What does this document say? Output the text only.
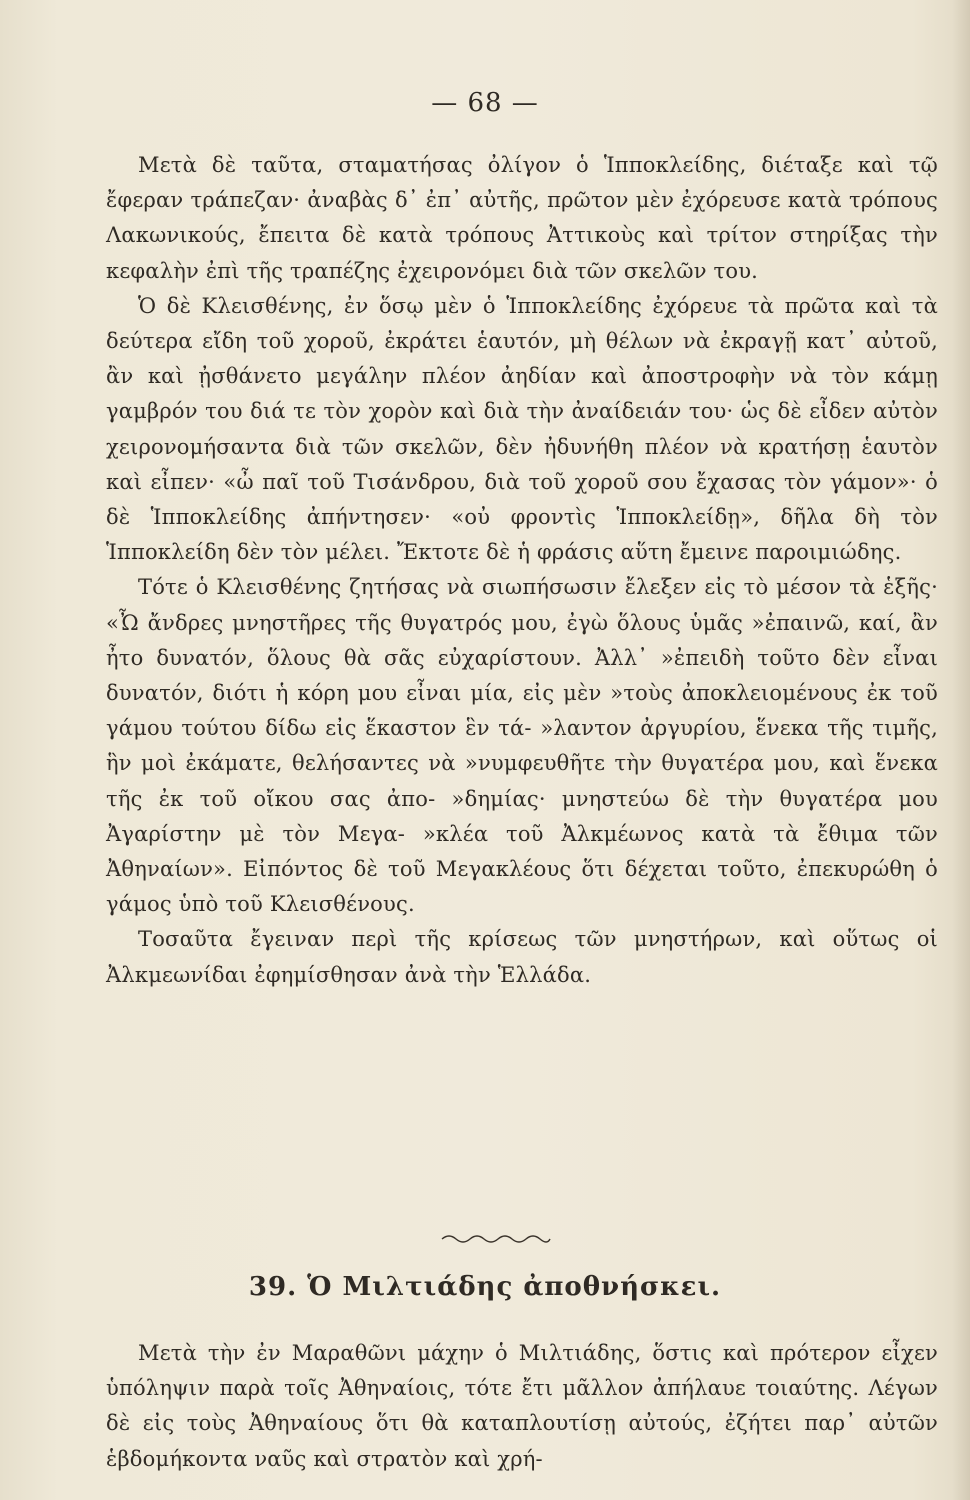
— 68 —

Μετὰ δὲ ταῦτα, σταματήσας ὀλίγον ὁ Ἱπποκλείδης, διέταξε καὶ τῷ ἔφεραν τράπεζαν· ἀναβὰς δ᾽ ἐπ᾽ αὐτῆς, πρῶτον μὲν ἐχόρευσε κατὰ τρόπους Λακωνικούς, ἔπειτα δὲ κατὰ τρόπους Ἀττικοὺς καὶ τρίτον στηρίξας τὴν κεφαλὴν ἐπὶ τῆς τραπέζης ἐχειρονόμει διὰ τῶν σκελῶν του.

Ὁ δὲ Κλεισθένης, ἐν ὅσῳ μὲν ὁ Ἱπποκλείδης ἐχόρευε τὰ πρῶτα καὶ τὰ δεύτερα εἴδη τοῦ χοροῦ, ἐκράτει ἑαυτόν, μὴ θέλων νὰ ἐκραγῇ κατ᾽ αὐτοῦ, ἂν καὶ ᾐσθάνετο μεγάλην πλέον ἀηδίαν καὶ ἀποστροφὴν νὰ τὸν κάμῃ γαμβρόν του διά τε τὸν χορὸν καὶ διὰ τὴν ἀναίδειάν του· ὡς δὲ εἶδεν αὐτὸν χειρονομήσαντα διὰ τῶν σκελῶν, δὲν ἠδυνήθη πλέον νὰ κρατήσῃ ἑαυτὸν καὶ εἶπεν· «ὦ παῖ τοῦ Τισάνδρου, διὰ τοῦ χοροῦ σου ἔχασας τὸν γάμον»· ὁ δὲ Ἱπποκλείδης ἀπήντησεν· «οὐ φροντὶς Ἱπποκλείδῃ», δῆλα δὴ τὸν Ἱπποκλείδη δὲν τὸν μέλει. Ἔκτοτε δὲ ἡ φράσις αὕτη ἔμεινε παροιμιώδης.

Τότε ὁ Κλεισθένης ζητήσας νὰ σιωπήσωσιν ἔλεξεν εἰς τὸ μέσον τὰ ἑξῆς· «Ὦ ἄνδρες μνηστῆρες τῆς θυγατρός μου, ἐγὼ ὅλους ὑμᾶς »ἐπαινῶ, καί, ἂν ἦτο δυνατόν, ὅλους θὰ σᾶς εὐχαρίστουν. Ἀλλ᾽ »ἐπειδὴ τοῦτο δὲν εἶναι δυνατόν, διότι ἡ κόρη μου εἶναι μία, εἰς μὲν »τοὺς ἀποκλειομένους ἐκ τοῦ γάμου τούτου δίδω εἰς ἕκαστον ἓν τά- »λαντον ἀργυρίου, ἕνεκα τῆς τιμῆς, ἣν μοὶ ἐκάματε, θελήσαντες νὰ »νυμφευθῆτε τὴν θυγατέρα μου, καὶ ἕνεκα τῆς ἐκ τοῦ οἴκου σας ἀπο- »δημίας· μνηστεύω δὲ τὴν θυγατέρα μου Ἀγαρίστην μὲ τὸν Μεγα- »κλέα τοῦ Ἀλκμέωνος κατὰ τὰ ἔθιμα τῶν Ἀθηναίων». Εἰπόντος δὲ τοῦ Μεγακλέους ὅτι δέχεται τοῦτο, ἐπεκυρώθη ὁ γάμος ὑπὸ τοῦ Κλεισθένους.

Τοσαῦτα ἔγειναν περὶ τῆς κρίσεως τῶν μνηστήρων, καὶ οὕτως οἱ Ἀλκμεωνίδαι ἐφημίσθησαν ἀνὰ τὴν Ἑλλάδα.

39. Ὁ Μιλτιάδης ἀποθνήσκει.

Μετὰ τὴν ἐν Μαραθῶνι μάχην ὁ Μιλτιάδης, ὅστις καὶ πρότερον εἶχεν ὑπόληψιν παρὰ τοῖς Ἀθηναίοις, τότε ἔτι μᾶλλον ἀπήλαυε τοιαύτης. Λέγων δὲ εἰς τοὺς Ἀθηναίους ὅτι θὰ καταπλουτίσῃ αὐτούς, ἐζήτει παρ᾽ αὐτῶν ἑβδομήκοντα ναῦς καὶ στρατὸν καὶ χρή-
